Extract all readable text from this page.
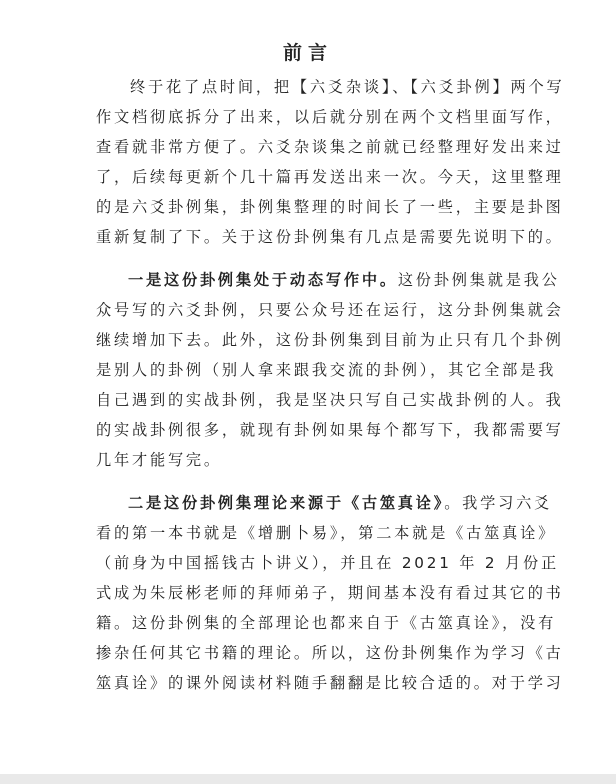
前言

终于花了点时间，把【六爻杂谈】、【六爻卦例】两个写作文档彻底拆分了出来，以后就分别在两个文档里面写作，查看就非常方便了。六爻杂谈集之前就已经整理好发出来过了，后续每更新个几十篇再发送出来一次。今天，这里整理的是六爻卦例集，卦例集整理的时间长了一些，主要是卦图重新复制了下。关于这份卦例集有几点是需要先说明下的。

一是这份卦例集处于动态写作中。这份卦例集就是我公众号写的六爻卦例，只要公众号还在运行，这分卦例集就会继续增加下去。此外，这份卦例集到目前为止只有几个卦例是别人的卦例（别人拿来跟我交流的卦例），其它全部是我自己遇到的实战卦例，我是坚决只写自己实战卦例的人。我的实战卦例很多，就现有卦例如果每个都写下，我都需要写几年才能写完。

二是这份卦例集理论来源于《古筮真诠》。我学习六爻看的第一本书就是《增删卜易》，第二本就是《古筮真诠》（前身为中国摇钱古卜讲义），并且在 2021 年 2 月份正式成为朱辰彬老师的拜师弟子，期间基本没有看过其它的书籍。这份卦例集的全部理论也都来自于《古筮真诠》，没有掺杂任何其它书籍的理论。所以，这份卦例集作为学习《古筮真诠》的课外阅读材料随手翻翻是比较合适的。对于学习
